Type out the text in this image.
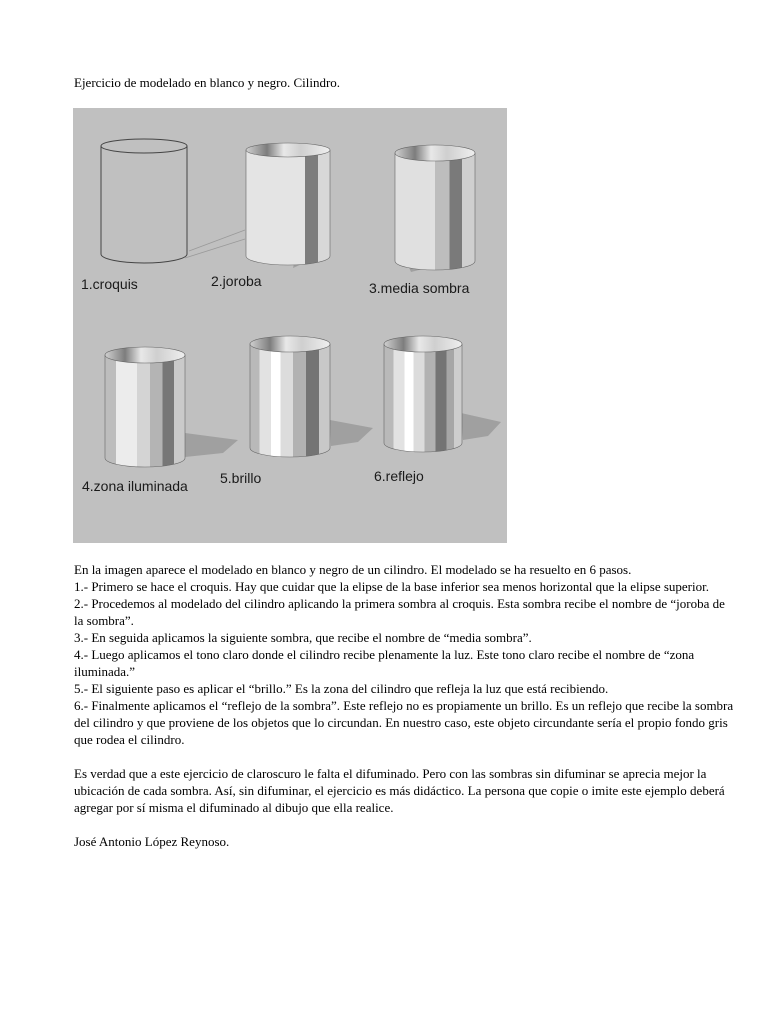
Ejercicio de modelado en blanco y negro. Cilindro.
1.croquis	2.joroba	3.media sombra
4.zona iluminada 5.brillo	6.reflejo

En la imagen aparece el modelado en blanco y negro de un cilindro. El modelado se ha resuelto en 6 pasos.

1.- Primero se hace el croquis. Hay que cuidar que la elipse de la base inferior sea menos horizontal que la elipse superior.

2.- Procedemos al modelado del cilindro aplicando la primera sombra al croquis. Esta sombra recibe el nombre de “joroba de la sombra”.

3.- En seguida aplicamos la siguiente sombra, que recibe el nombre de “media sombra”.

4.- Luego aplicamos el tono claro donde el cilindro recibe plenamente la luz. Este tono claro recibe el nombre de “zona iluminada.”

5.- El siguiente paso es aplicar el “brillo.” Es la zona del cilindro que refleja la luz que está recibiendo.

6.- Finalmente aplicamos el “reflejo de la sombra”. Este reflejo no es propiamente un brillo. Es un reflejo que recibe la sombra del cilindro y que proviene de los objetos que lo circundan. En nuestro caso, este objeto circundante sería el propio fondo gris que rodea el cilindro.

Es verdad que a este ejercicio de claroscuro le falta el difuminado. Pero con las sombras sin difuminar se aprecia mejor la ubicación de cada sombra. Así, sin difuminar, el ejercicio es más didáctico. La persona que copie o imite este ejemplo deberá agregar por sí misma el difuminado al dibujo que ella realice.

José Antonio López Reynoso.
